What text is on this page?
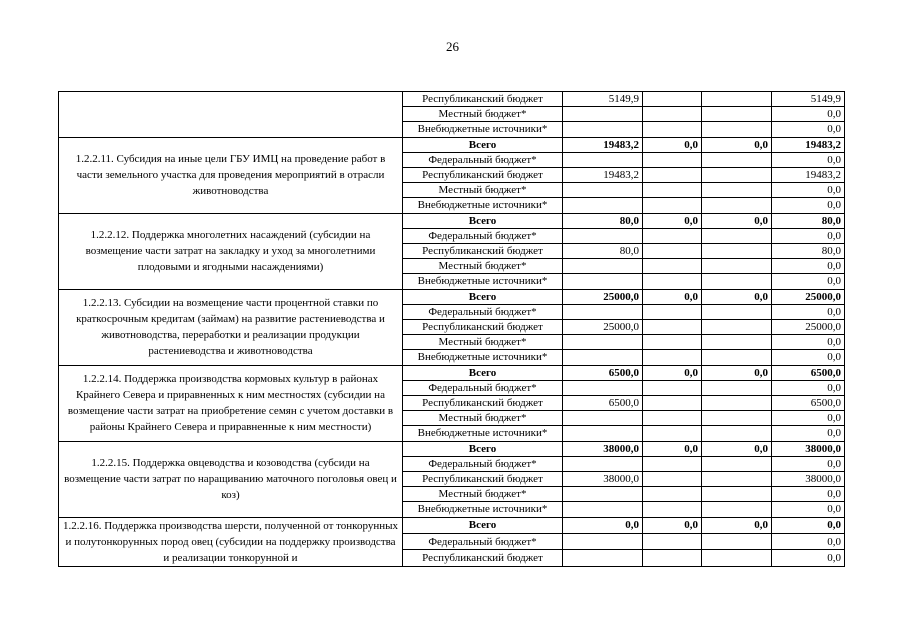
26
	Республиканский бюджет	5149,9			5149,9
	Местный бюджет*				0,0
	Внебюджетные источники*				0,0
1.2.2.11. Субсидия на иные цели ГБУ ИМЦ на проведение работ в части земельного участка для проведения мероприятий в отрасли животноводства	Всего	19483,2	0,0	0,0	19483,2
	Федеральный бюджет*				0,0
	Республиканский бюджет	19483,2			19483,2
	Местный бюджет*				0,0
	Внебюджетные источники*				0,0
1.2.2.12. Поддержка многолетних насаждений (субсидии на возмещение части затрат на закладку и уход за многолетними плодовыми и ягодными насаждениями)	Всего	80,0	0,0	0,0	80,0
	Федеральный бюджет*				0,0
	Республиканский бюджет	80,0			80,0
	Местный бюджет*				0,0
	Внебюджетные источники*				0,0
1.2.2.13. Субсидии на возмещение части процентной ставки по краткосрочным кредитам (займам) на развитие растениеводства и животноводства, переработки и реализации продукции растениеводства и животноводства	Всего	25000,0	0,0	0,0	25000,0
	Федеральный бюджет*				0,0
	Республиканский бюджет	25000,0			25000,0
	Местный бюджет*				0,0
	Внебюджетные источники*				0,0
1.2.2.14. Поддержка производства кормовых культур в районах Крайнего Севера и приравненных к ним местностях (субсидии на возмещение части затрат на приобретение семян с учетом доставки в районы Крайнего Севера и приравненные к ним местности)	Всего	6500,0	0,0	0,0	6500,0
	Федеральный бюджет*				0,0
	Республиканский бюджет	6500,0			6500,0
	Местный бюджет*				0,0
	Внебюджетные источники*				0,0
1.2.2.15. Поддержка овцеводства и козоводства (субсиди на возмещение части затрат по наращиванию маточного поголовья овец и коз)	Всего	38000,0	0,0	0,0	38000,0
	Федеральный бюджет*				0,0
	Республиканский бюджет	38000,0			38000,0
	Местный бюджет*				0,0
	Внебюджетные источники*				0,0
1.2.2.16. Поддержка производства шерсти, полученной от тонкорунных и полутонкорунных пород овец (субсидии на поддержку производства и реализации тонкорунной и	Всего	0,0	0,0	0,0	0,0
	Федеральный бюджет*				0,0
	Республиканский бюджет				0,0
